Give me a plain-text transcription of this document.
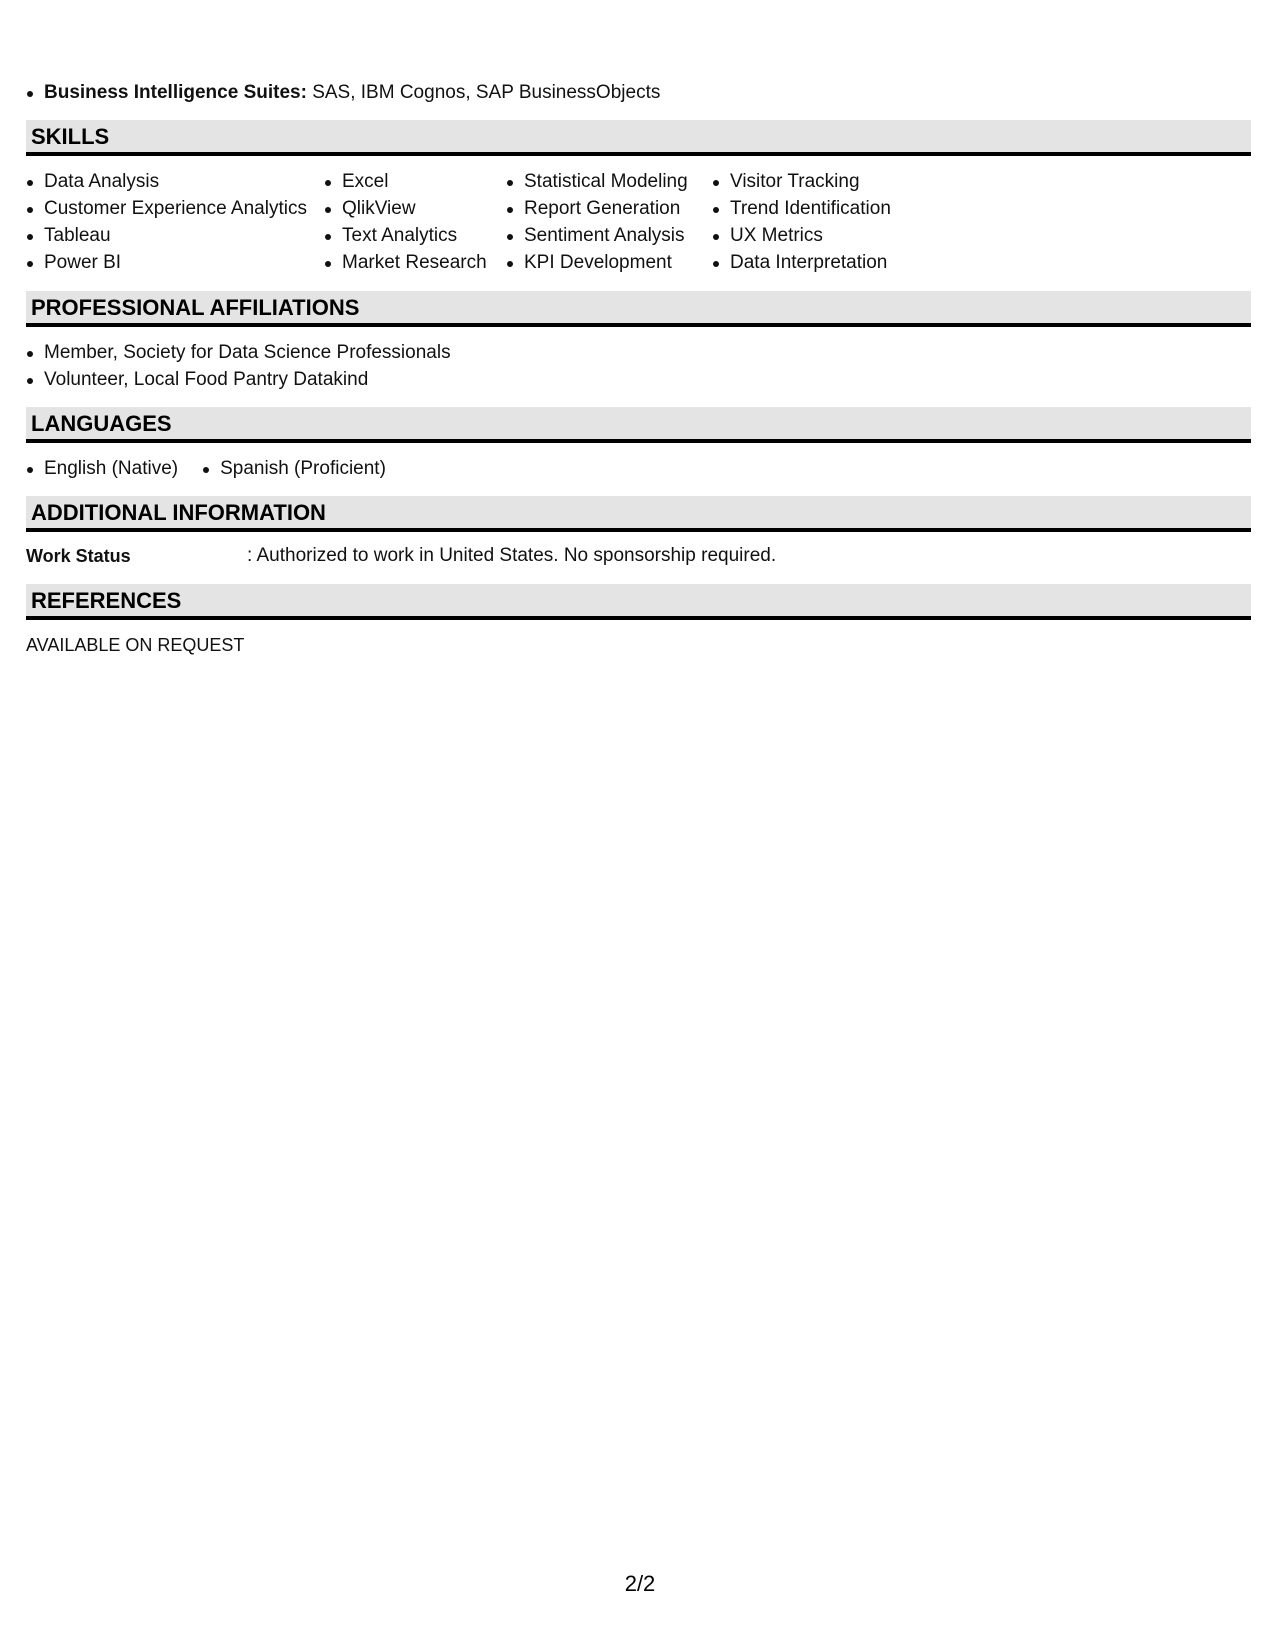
Business Intelligence Suites: SAS, IBM Cognos, SAP BusinessObjects
SKILLS
Data Analysis
Customer Experience Analytics
Tableau
Power BI
Excel
QlikView
Text Analytics
Market Research
Statistical Modeling
Report Generation
Sentiment Analysis
KPI Development
Visitor Tracking
Trend Identification
UX Metrics
Data Interpretation
PROFESSIONAL AFFILIATIONS
Member, Society for Data Science Professionals
Volunteer, Local Food Pantry Datakind
LANGUAGES
English (Native)	Spanish (Proficient)
ADDITIONAL INFORMATION
Work Status	: Authorized to work in United States. No sponsorship required.
REFERENCES
AVAILABLE ON REQUEST
2/2
